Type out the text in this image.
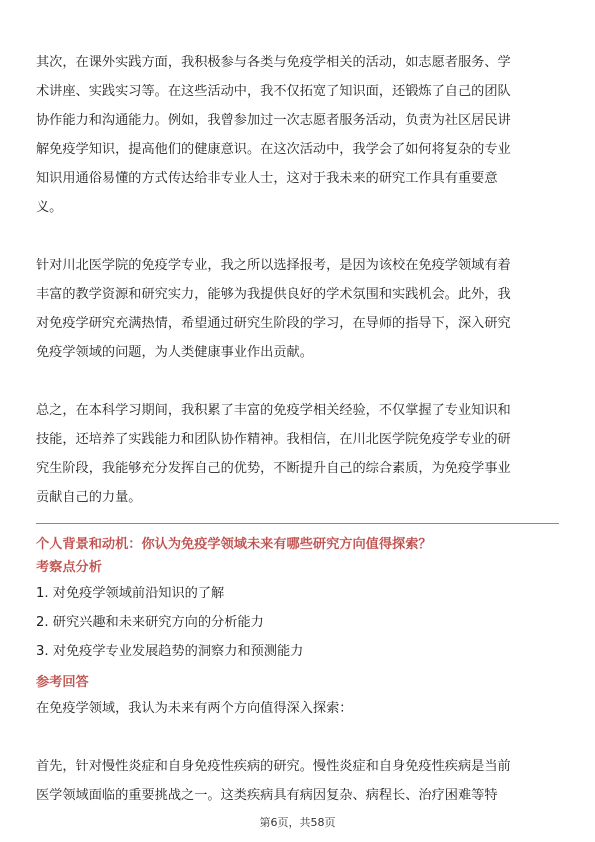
其次，在课外实践方面，我积极参与各类与免疫学相关的活动，如志愿者服务、学

术讲座、实践实习等。在这些活动中，我不仅拓宽了知识面，还锻炼了自己的团队

协作能力和沟通能力。例如，我曾参加过一次志愿者服务活动，负责为社区居民讲

解免疫学知识，提高他们的健康意识。在这次活动中，我学会了如何将复杂的专业

知识用通俗易懂的方式传达给非专业人士，这对于我未来的研究工作具有重要意

义。

针对川北医学院的免疫学专业，我之所以选择报考，是因为该校在免疫学领域有着

丰富的教学资源和研究实力，能够为我提供良好的学术氛围和实践机会。此外，我

对免疫学研究充满热情，希望通过研究生阶段的学习，在导师的指导下，深入研究

免疫学领域的问题，为人类健康事业作出贡献。

总之，在本科学习期间，我积累了丰富的免疫学相关经验，不仅掌握了专业知识和

技能，还培养了实践能力和团队协作精神。我相信，在川北医学院免疫学专业的研

究生阶段，我能够充分发挥自己的优势，不断提升自己的综合素质，为免疫学事业

贡献自己的力量。

个人背景和动机：你认为免疫学领域未来有哪些研究方向值得探索？

考察点分析

1. 对免疫学领域前沿知识的了解

2. 研究兴趣和未来研究方向的分析能力

3. 对免疫学专业发展趋势的洞察力和预测能力

参考回答

在免疫学领域，我认为未来有两个方向值得深入探索：

首先，针对慢性炎症和自身免疫性疾病的研究。慢性炎症和自身免疫性疾病是当前

医学领域面临的重要挑战之一。这类疾病具有病因复杂、病程长、治疗困难等特

第6页，共58页
